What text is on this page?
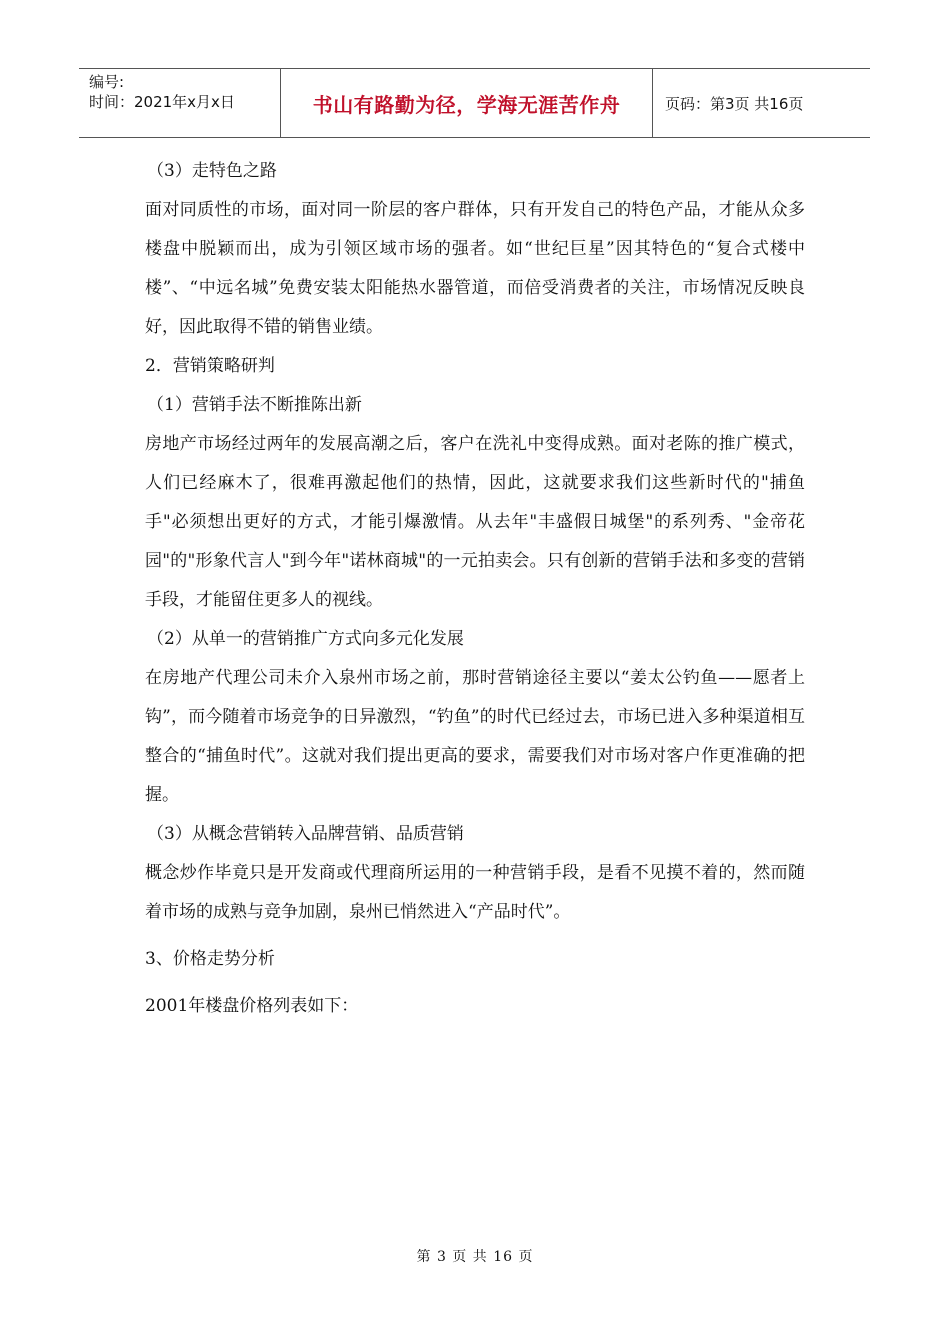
编号:
时间：2021年x月x日	书山有路勤为径，学海无涯苦作舟	页码：第3页 共16页

（3）走特色之路

面对同质性的市场，面对同一阶层的客户群体，只有开发自己的特色产品，才能从众多楼盘中脱颖而出，成为引领区域市场的强者。如“世纪巨星”因其特色的“复合式楼中楼”、“中远名城”免费安装太阳能热水器管道，而倍受消费者的关注，市场情况反映良好，因此取得不错的销售业绩。

2．营销策略研判

（1）营销手法不断推陈出新

房地产市场经过两年的发展高潮之后，客户在洗礼中变得成熟。面对老陈的推广模式，人们已经麻木了，很难再激起他们的热情，因此，这就要求我们这些新时代的"捕鱼手"必须想出更好的方式，才能引爆激情。从去年"丰盛假日城堡"的系列秀、"金帝花园"的"形象代言人"到今年"诺林商城"的一元拍卖会。只有创新的营销手法和多变的营销手段，才能留住更多人的视线。

（2）从单一的营销推广方式向多元化发展

在房地产代理公司未介入泉州市场之前，那时营销途径主要以“姜太公钓鱼——愿者上钩”，而今随着市场竞争的日异激烈，“钓鱼”的时代已经过去，市场已进入多种渠道相互整合的“捕鱼时代”。这就对我们提出更高的要求，需要我们对市场对客户作更准确的把握。

（3）从概念营销转入品牌营销、品质营销

概念炒作毕竟只是开发商或代理商所运用的一种营销手段，是看不见摸不着的，然而随着市场的成熟与竞争加剧，泉州已悄然进入“产品时代”。

3、价格走势分析

2001年楼盘价格列表如下：

第 3 页 共 16 页
